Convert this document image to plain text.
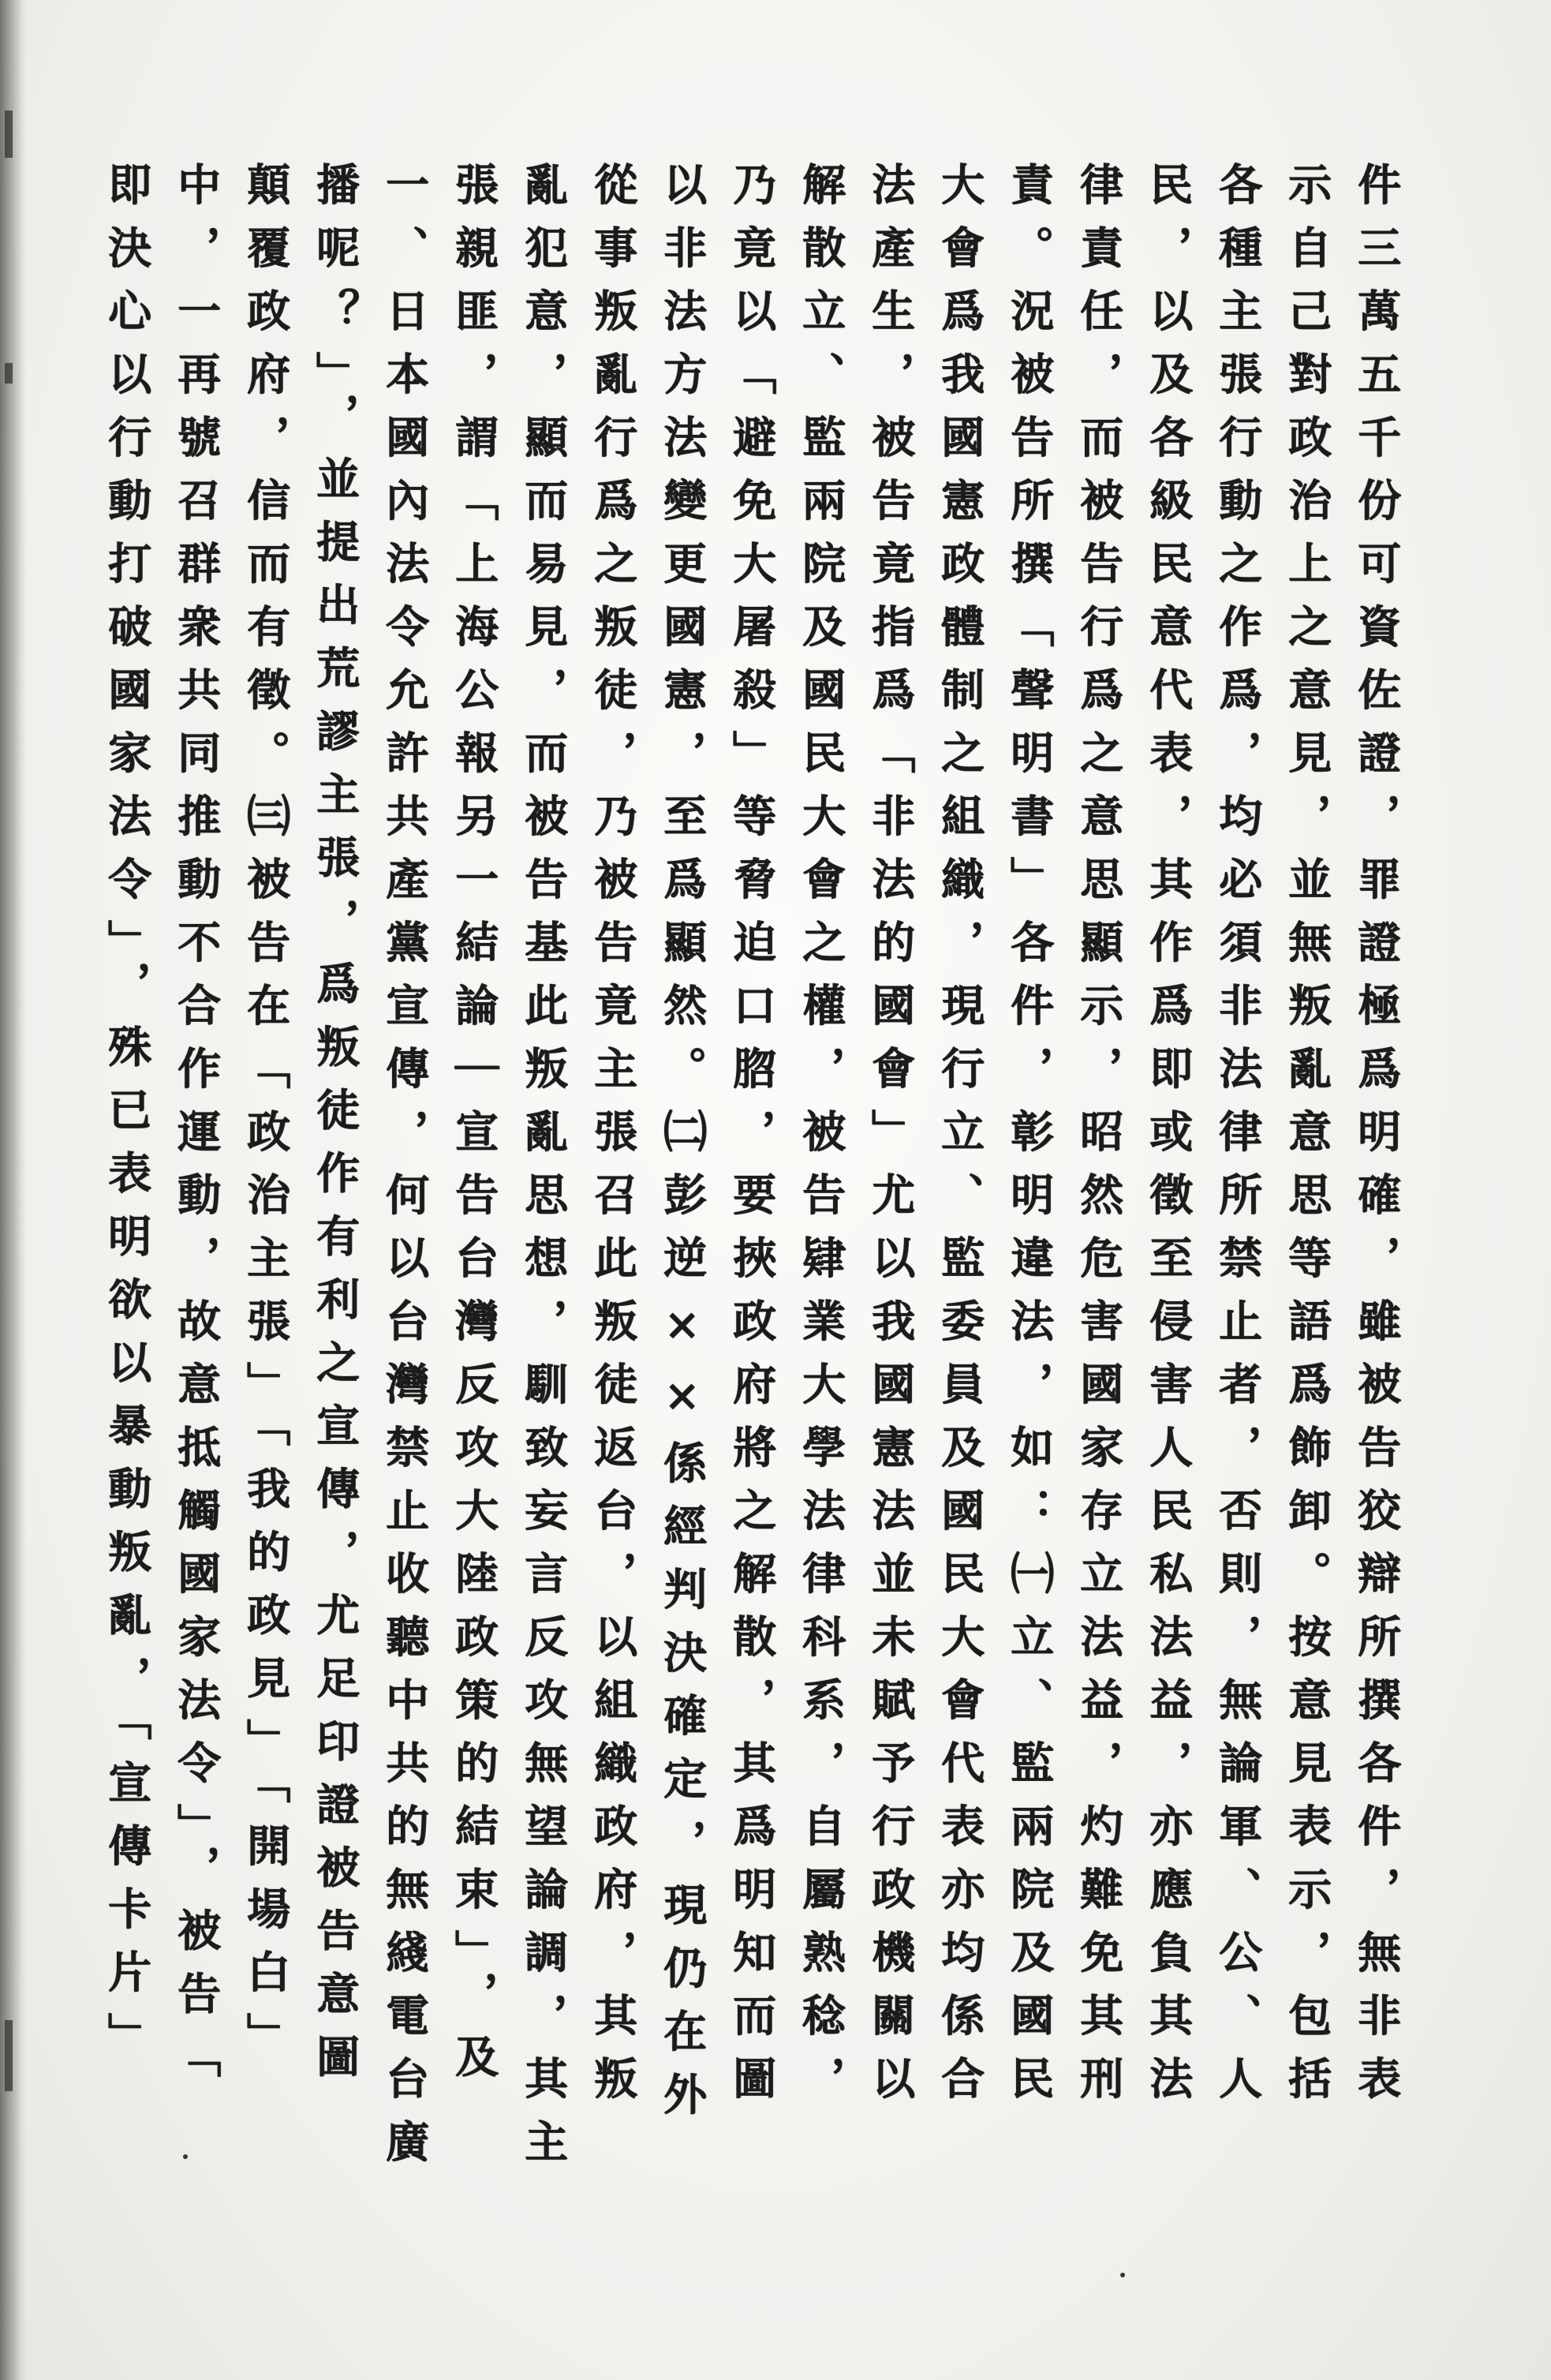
件三萬五千份可資佐證，罪證極爲明確，雖被告狡辯所撰各件，無非表
示自己對政治上之意見，並無叛亂意思等語爲飾卸。按意見表示，包括
各種主張行動之作爲，均必須非法律所禁止者，否則，無論軍、公、人
民，以及各級民意代表，其作爲即或徵至侵害人民私法益，亦應負其法
律責任，而被告行爲之意思顯示，昭然危害國家存立法益，灼難免其刑
責。況被告所撰「聲明書」各件，彰明違法，如：㈠立、監兩院及國民
大會爲我國憲政體制之組織，現行立、監委員及國民大會代表亦均係合
法產生，被告竟指爲「非法的國會」尤以我國憲法並未賦予行政機關以
解散立、監兩院及國民大會之權，被告肄業大學法律科系，自屬熟稔，
乃竟以「避免大屠殺」等脅迫口脗，要挾政府將之解散，其爲明知而圖
以非法方法變更國憲，至爲顯然。㈡彭逆××係經判決確定，現仍在外
從事叛亂行爲之叛徒，乃被告竟主張召此叛徒返台，以組織政府，其叛
亂犯意，顯而易見，而被告基此叛亂思想，馴致妄言反攻無望論調，其主
張親匪，謂「上海公報另一結論｜宣告台灣反攻大陸政策的結束」，及
一、日本國內法令允許共產黨宣傳，何以台灣禁止收聽中共的無綫電台廣
播呢？」，並提出荒謬主張，爲叛徒作有利之宣傳，尤足印證被告意圖
顛覆政府，信而有徵。㈢被告在「政治主張」「我的政見」「開場白」
中，一再號召群衆共同推動不合作運動，故意抵觸國家法令」，被告「
即決心以行動打破國家法令」，殊已表明欲以暴動叛亂，「宣傳卡片」
